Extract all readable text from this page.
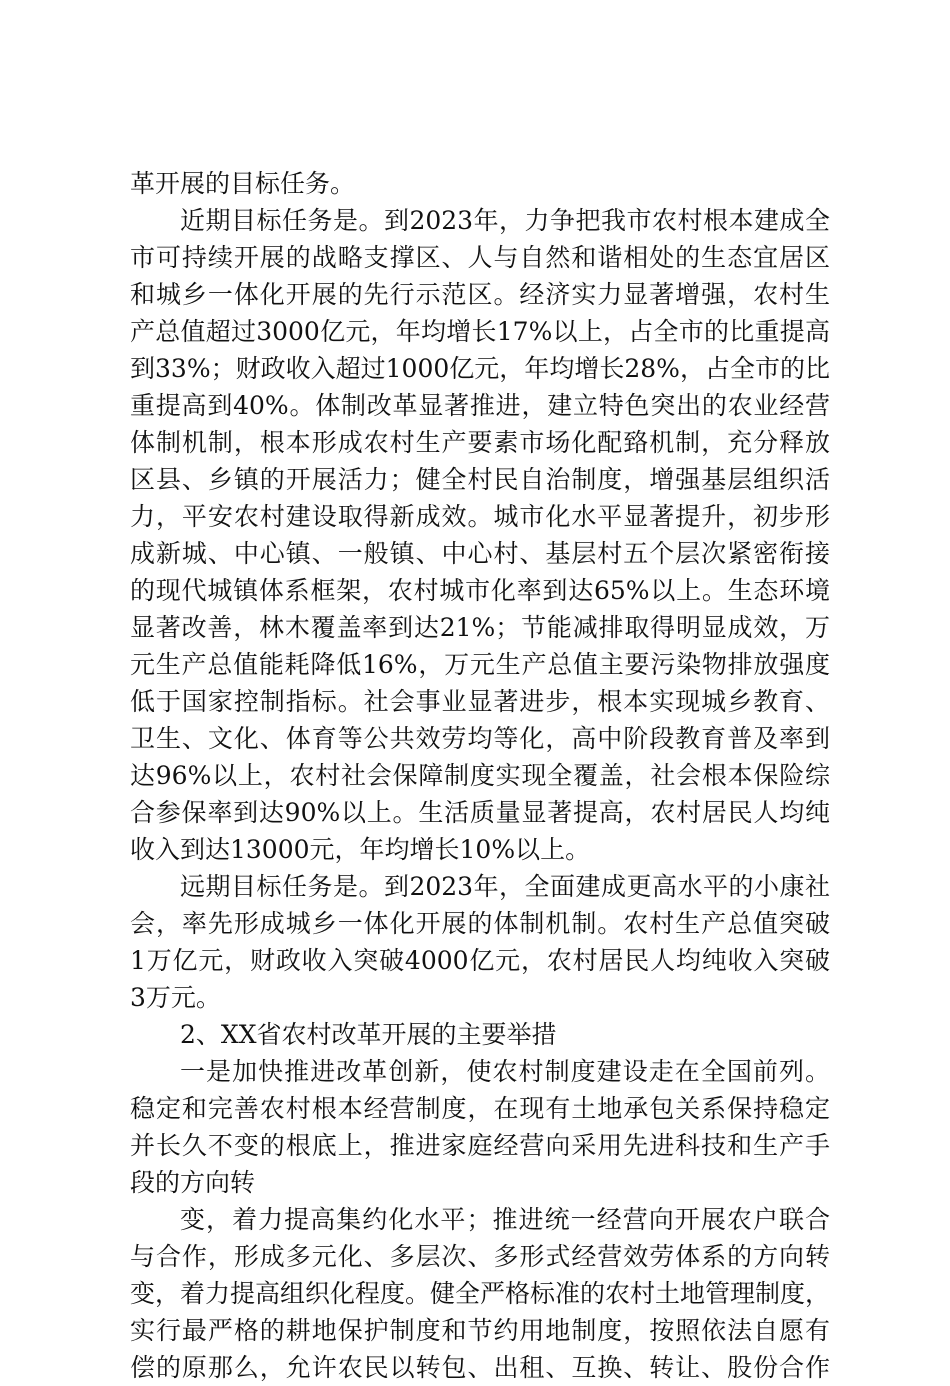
革开展的目标任务。
近期目标任务是。到2023年，力争把我市农村根本建成全
市可持续开展的战略支撑区、人与自然和谐相处的生态宜居区
和城乡一体化开展的先行示范区。经济实力显著增强，农村生
产总值超过3000亿元，年均增长17%以上，占全市的比重提高
到33%；财政收入超过1000亿元，年均增长28%，占全市的比
重提高到40%。体制改革显著推进，建立特色突出的农业经营
体制机制，根本形成农村生产要素市场化配臵机制，充分释放
区县、乡镇的开展活力；健全村民自治制度，增强基层组织活
力，平安农村建设取得新成效。城市化水平显著提升，初步形
成新城、中心镇、一般镇、中心村、基层村五个层次紧密衔接
的现代城镇体系框架，农村城市化率到达65%以上。生态环境
显著改善，林木覆盖率到达21%；节能减排取得明显成效，万
元生产总值能耗降低16%，万元生产总值主要污染物排放强度
低于国家控制指标。社会事业显著进步，根本实现城乡教育、
卫生、文化、体育等公共效劳均等化，高中阶段教育普及率到
达96%以上，农村社会保障制度实现全覆盖，社会根本保险综
合参保率到达90%以上。生活质量显著提高，农村居民人均纯
收入到达13000元，年均增长10%以上。
远期目标任务是。到2023年，全面建成更高水平的小康社
会，率先形成城乡一体化开展的体制机制。农村生产总值突破
1万亿元，财政收入突破4000亿元，农村居民人均纯收入突破
3万元。
2、XX省农村改革开展的主要举措
一是加快推进改革创新，使农村制度建设走在全国前列。
稳定和完善农村根本经营制度，在现有土地承包关系保持稳定
并长久不变的根底上，推进家庭经营向采用先进科技和生产手
段的方向转
变，着力提高集约化水平；推进统一经营向开展农户联合
与合作，形成多元化、多层次、多形式经营效劳体系的方向转
变，着力提高组织化程度。健全严格标准的农村土地管理制度，
实行最严格的耕地保护制度和节约用地制度，按照依法自愿有
偿的原那么，允许农民以转包、出租、互换、转让、股份合作
